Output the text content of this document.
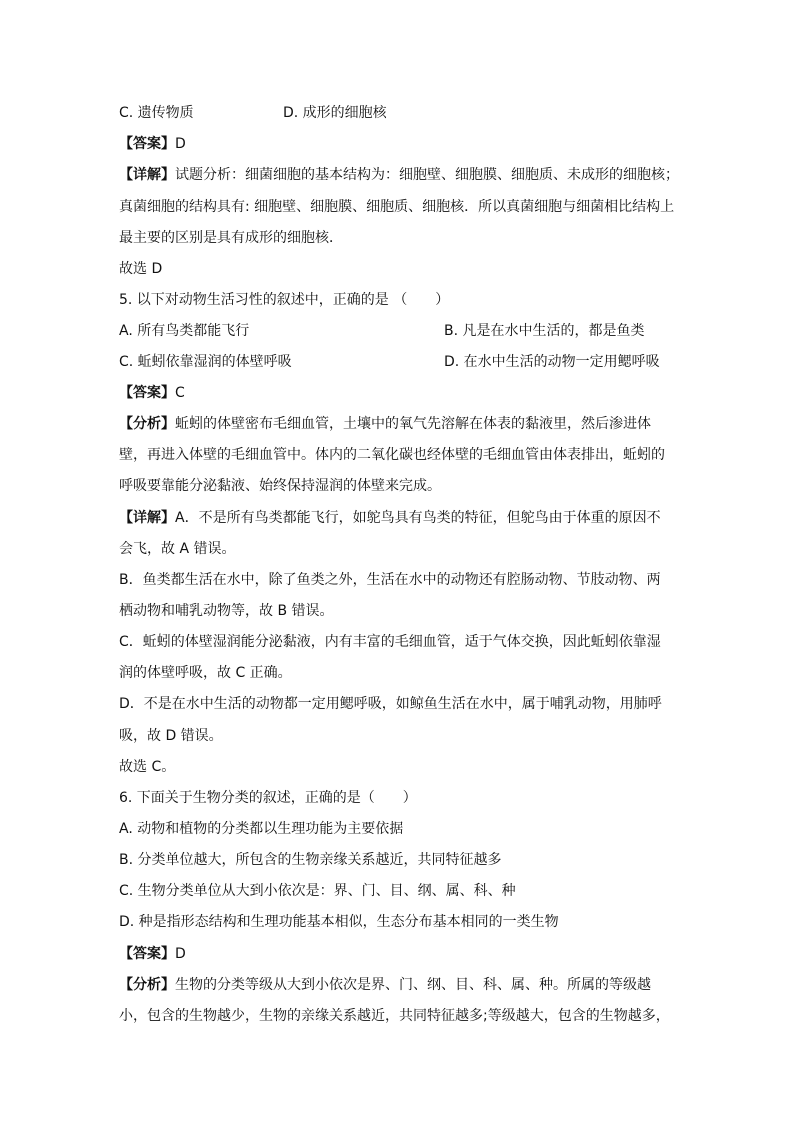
C. 遗传物质	D. 成形的细胞核
【答案】D
【详解】试题分析：细菌细胞的基本结构为：细胞壁、细胞膜、细胞质、未成形的细胞核；
真菌细胞的结构具有: 细胞壁、细胞膜、细胞质、细胞核．所以真菌细胞与细菌相比结构上
最主要的区别是具有成形的细胞核．
故选 D
5. 以下对动物生活习性的叙述中，正确的是 （　　）
A. 所有鸟类都能飞行	B. 凡是在水中生活的，都是鱼类
C. 蚯蚓依靠湿润的体壁呼吸	D. 在水中生活的动物一定用鳃呼吸
【答案】C
【分析】蚯蚓的体壁密布毛细血管，土壤中的氧气先溶解在体表的黏液里，然后渗进体
壁，再进入体壁的毛细血管中。体内的二氧化碳也经体壁的毛细血管由体表排出，蚯蚓的
呼吸要靠能分泌黏液、始终保持湿润的体壁来完成。
【详解】A．不是所有鸟类都能飞行，如鸵鸟具有鸟类的特征，但鸵鸟由于体重的原因不
会飞，故 A 错误。
B．鱼类都生活在水中，除了鱼类之外，生活在水中的动物还有腔肠动物、节肢动物、两
栖动物和哺乳动物等，故 B 错误。
C．蚯蚓的体壁湿润能分泌黏液，内有丰富的毛细血管，适于气体交换，因此蚯蚓依靠湿
润的体壁呼吸，故 C 正确。
D．不是在水中生活的动物都一定用鳃呼吸，如鲸鱼生活在水中，属于哺乳动物，用肺呼
吸，故 D 错误。
故选 C。
6. 下面关于生物分类的叙述，正确的是（　　）
A. 动物和植物的分类都以生理功能为主要依据
B. 分类单位越大，所包含的生物亲缘关系越近，共同特征越多
C. 生物分类单位从大到小依次是：界、门、目、纲、属、科、种
D. 种是指形态结构和生理功能基本相似，生态分布基本相同的一类生物
【答案】D
【分析】生物的分类等级从大到小依次是界、门、纲、目、科、属、种。所属的等级越
小，包含的生物越少，生物的亲缘关系越近，共同特征越多;等级越大，包含的生物越多，
